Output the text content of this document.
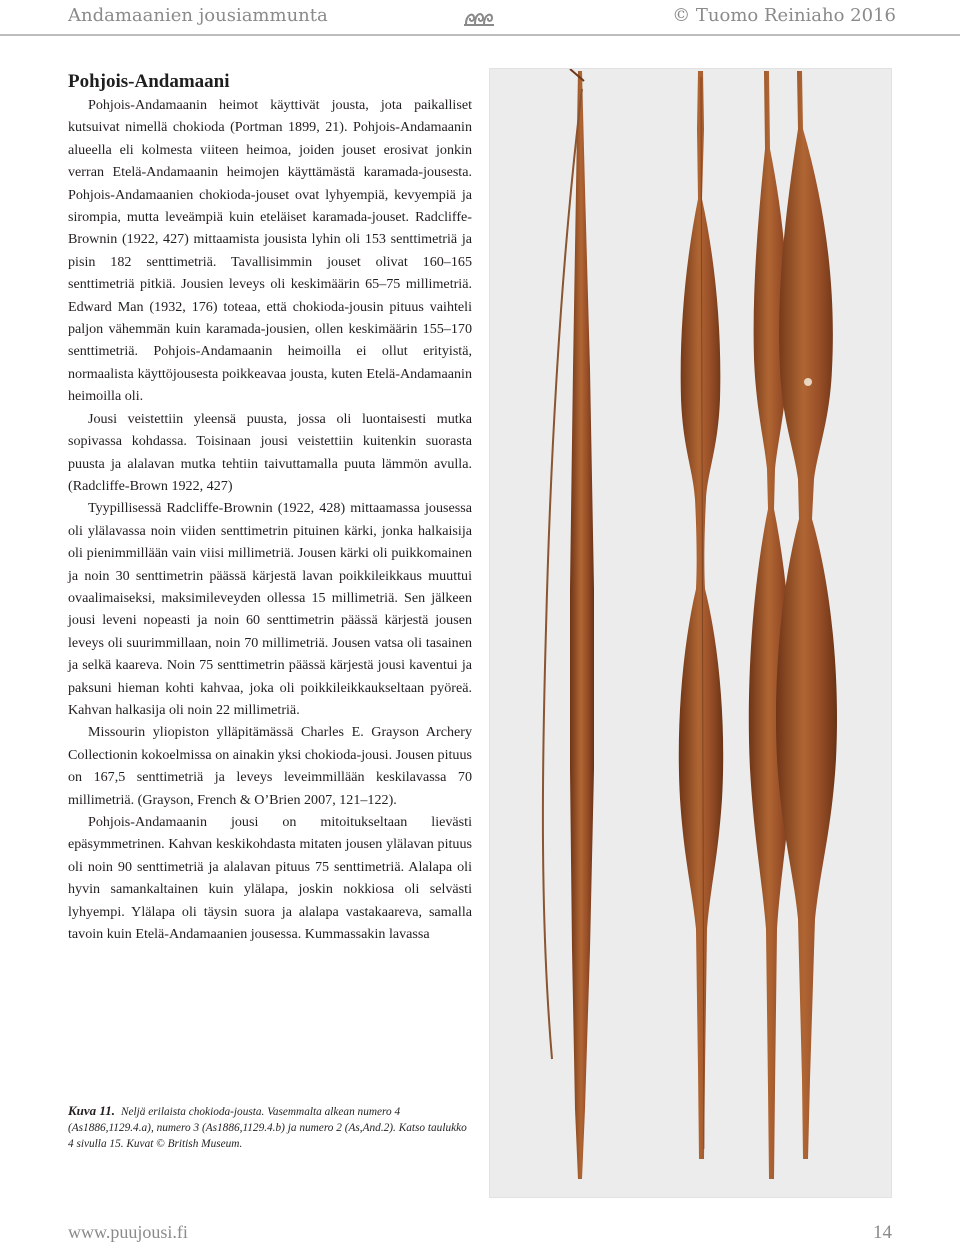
Andamaanien jousiammunta	© Tuomo Reiniaho 2016
Pohjois-Andamaani

Pohjois-Andamaanin heimot käyttivät jousta, jota paikalliset kutsuivat nimellä chokioda (Portman 1899, 21). Pohjois-Andamaanin alueella eli kolmesta viiteen heimoa, joiden jouset erosivat jonkin verran Etelä-Andamaanin heimojen käyttämästä karamada-jousesta. Pohjois-Andamaanien chokioda-jouset ovat lyhyempiä, kevyempiä ja sirompia, mutta leveämpiä kuin eteläiset karamada-jouset. Radcliffe-Brownin (1922, 427) mittaamista jousista lyhin oli 153 senttimetriä ja pisin 182 senttimetriä. Tavallisimmin jouset olivat 160–165 senttimetriä pitkiä. Jousien leveys oli keskimäärin 65–75 millimetriä. Edward Man (1932, 176) toteaa, että chokioda-jousin pituus vaihteli paljon vähemmän kuin karamada-jousien, ollen keskimäärin 155–170 senttimetriä. Pohjois-Andamaanin heimoilla ei ollut erityistä, normaalista käyttöjousesta poikkeavaa jousta, kuten Etelä-Andamaanin heimoilla oli.

Jousi veistettiin yleensä puusta, jossa oli luontaisesti mutka sopivassa kohdassa. Toisinaan jousi veistettiin kuitenkin suorasta puusta ja alalavan mutka tehtiin taivuttamalla puuta lämmön avulla. (Radcliffe-Brown 1922, 427)

Tyypillisessä Radcliffe-Brownin (1922, 428) mittaamassa jousessa oli ylälavassa noin viiden senttimetrin pituinen kärki, jonka halkaisija oli pienimmillään vain viisi millimetriä. Jousen kärki oli puikkomainen ja noin 30 senttimetrin päässä kärjestä lavan poikkileikkaus muuttui ovaalimaiseksi, maksimileveyden ollessa 15 millimetriä. Sen jälkeen jousi leveni nopeasti ja noin 60 senttimetrin päässä kärjestä jousen leveys oli suurimmillaan, noin 70 millimetriä. Jousen vatsa oli tasainen ja selkä kaareva. Noin 75 senttimetrin päässä kärjestä jousi kaventui ja paksuni hieman kohti kahvaa, joka oli poikkileikkaukseltaan pyöreä. Kahvan halkasija oli noin 22 millimetriä.

Missourin yliopiston ylläpitämässä Charles E. Grayson Archery Collectionin kokoelmissa on ainakin yksi chokioda-jousi. Jousen pituus on 167,5 senttimetriä ja leveys leveimmillään keskilavassa 70 millimetriä. (Grayson, French & O’Brien 2007, 121–122).

Pohjois-Andamaanin jousi on mitoitukseltaan lievästi epäsymmetrinen. Kahvan keskikohdasta mitaten jousen ylälavan pituus oli noin 90 senttimetriä ja alalavan pituus 75 senttimetriä. Alalapa oli hyvin samankaltainen kuin ylälapa, joskin nokkiosa oli selvästi lyhyempi. Ylälapa oli täysin suora ja alalapa vastakaareva, samalla tavoin kuin Etelä-Andamaanien jousessa. Kummassakin lavassa

Kuva 11. Neljä erilaista chokioda-jousta. Vasemmalta alkean numero 4 (As1886,1129.4.a), numero 3 (As1886,1129.4.b) ja numero 2 (As,And.2). Katso taulukko 4 sivulla 15. Kuvat © British Museum.
www.puujousi.fi	14
